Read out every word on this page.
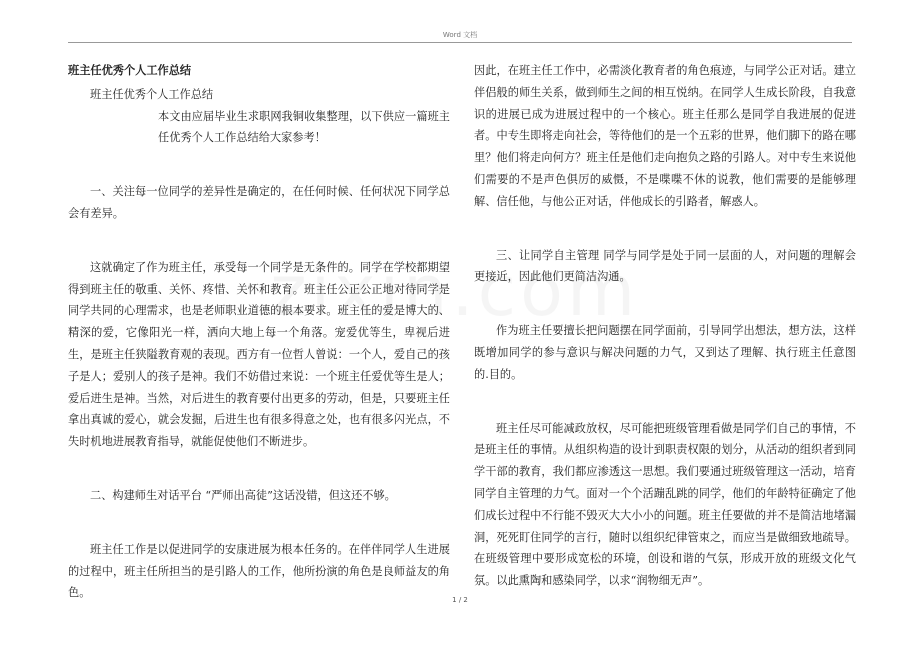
Word 文档

班主任优秀个人工作总结

班主任优秀个人工作总结

本文由应届毕业生求职网我铜收集整理，以下供应一篇班主任优秀个人工作总结给大家参考！

一、关注每一位同学的差异性是确定的，在任何时候、任何状况下同学总会有差异。

这就确定了作为班主任，承受每一个同学是无条件的。同学在学校都期望得到班主任的敬重、关怀、疼惜、关怀和教育。班主任公正公正地对待同学是同学共同的心理需求，也是老师职业道德的根本要求。班主任的爱是博大的、精深的爱，它像阳光一样，洒向大地上每一个角落。宠爱优等生，卑视后进生，是班主任狭隘教育观的表现。西方有一位哲人曾说：一个人，爱自己的孩子是人；爱别人的孩子是神。我们不妨借过来说：一个班主任爱优等生是人；爱后进生是神。当然，对后进生的教育要付出更多的劳动，但是，只要班主任拿出真诚的爱心，就会发掘，后进生也有很多得意之处，也有很多闪光点，不失时机地进展教育指导，就能促使他们不断进步。

二、构建师生对话平台 “严师出高徒”这话没错，但这还不够。

班主任工作是以促进同学的安康进展为根本任务的。在伴伴同学人生进展的过程中，班主任所担当的是引路人的工作，他所扮演的角色是良师益友的角色。

因此，在班主任工作中，必需淡化教育者的角色痕迹，与同学公正对话。建立伴侣般的师生关系，做到师生之间的相互悦纳。在同学人生成长阶段，自我意识的进展已成为进展过程中的一个核心。班主任那么是同学自我进展的促进者。中专生即将走向社会，等待他们的是一个五彩的世界，他们脚下的路在哪里？他们将走向何方？班主任是他们走向抱负之路的引路人。对中专生来说他们需要的不是声色俱厉的威慑，不是喋喋不休的说教，他们需要的是能够理解、信任他，与他公正对话，伴他成长的引路者，解惑人。

三、让同学自主管理 同学与同学是处于同一层面的人，对问题的理解会更接近，因此他们更简洁沟通。

作为班主任要擅长把问题摆在同学面前，引导同学出想法，想方法，这样既增加同学的参与意识与解决问题的力气，又到达了理解、执行班主任意图的.目的。

班主任尽可能减政放权，尽可能把班级管理看做是同学们自己的事情，不是班主任的事情。从组织构造的设计到职责权限的划分，从活动的组织者到同学干部的教育，我们都应渗透这一思想。我们要通过班级管理这一活动，培育同学自主管理的力气。面对一个个活蹦乱跳的同学，他们的年龄特征确定了他们成长过程中不行能不毁灭大大小小的问题。班主任要做的并不是简洁地堵漏洞，死死盯住同学的言行，随时以组织纪律管束之，而应当是做细致地疏导。在班级管理中要形成宽松的环境，创设和谐的气氛，形成开放的班级文化气氛。以此熏陶和感染同学，以求“润物细无声”。

1 / 2
